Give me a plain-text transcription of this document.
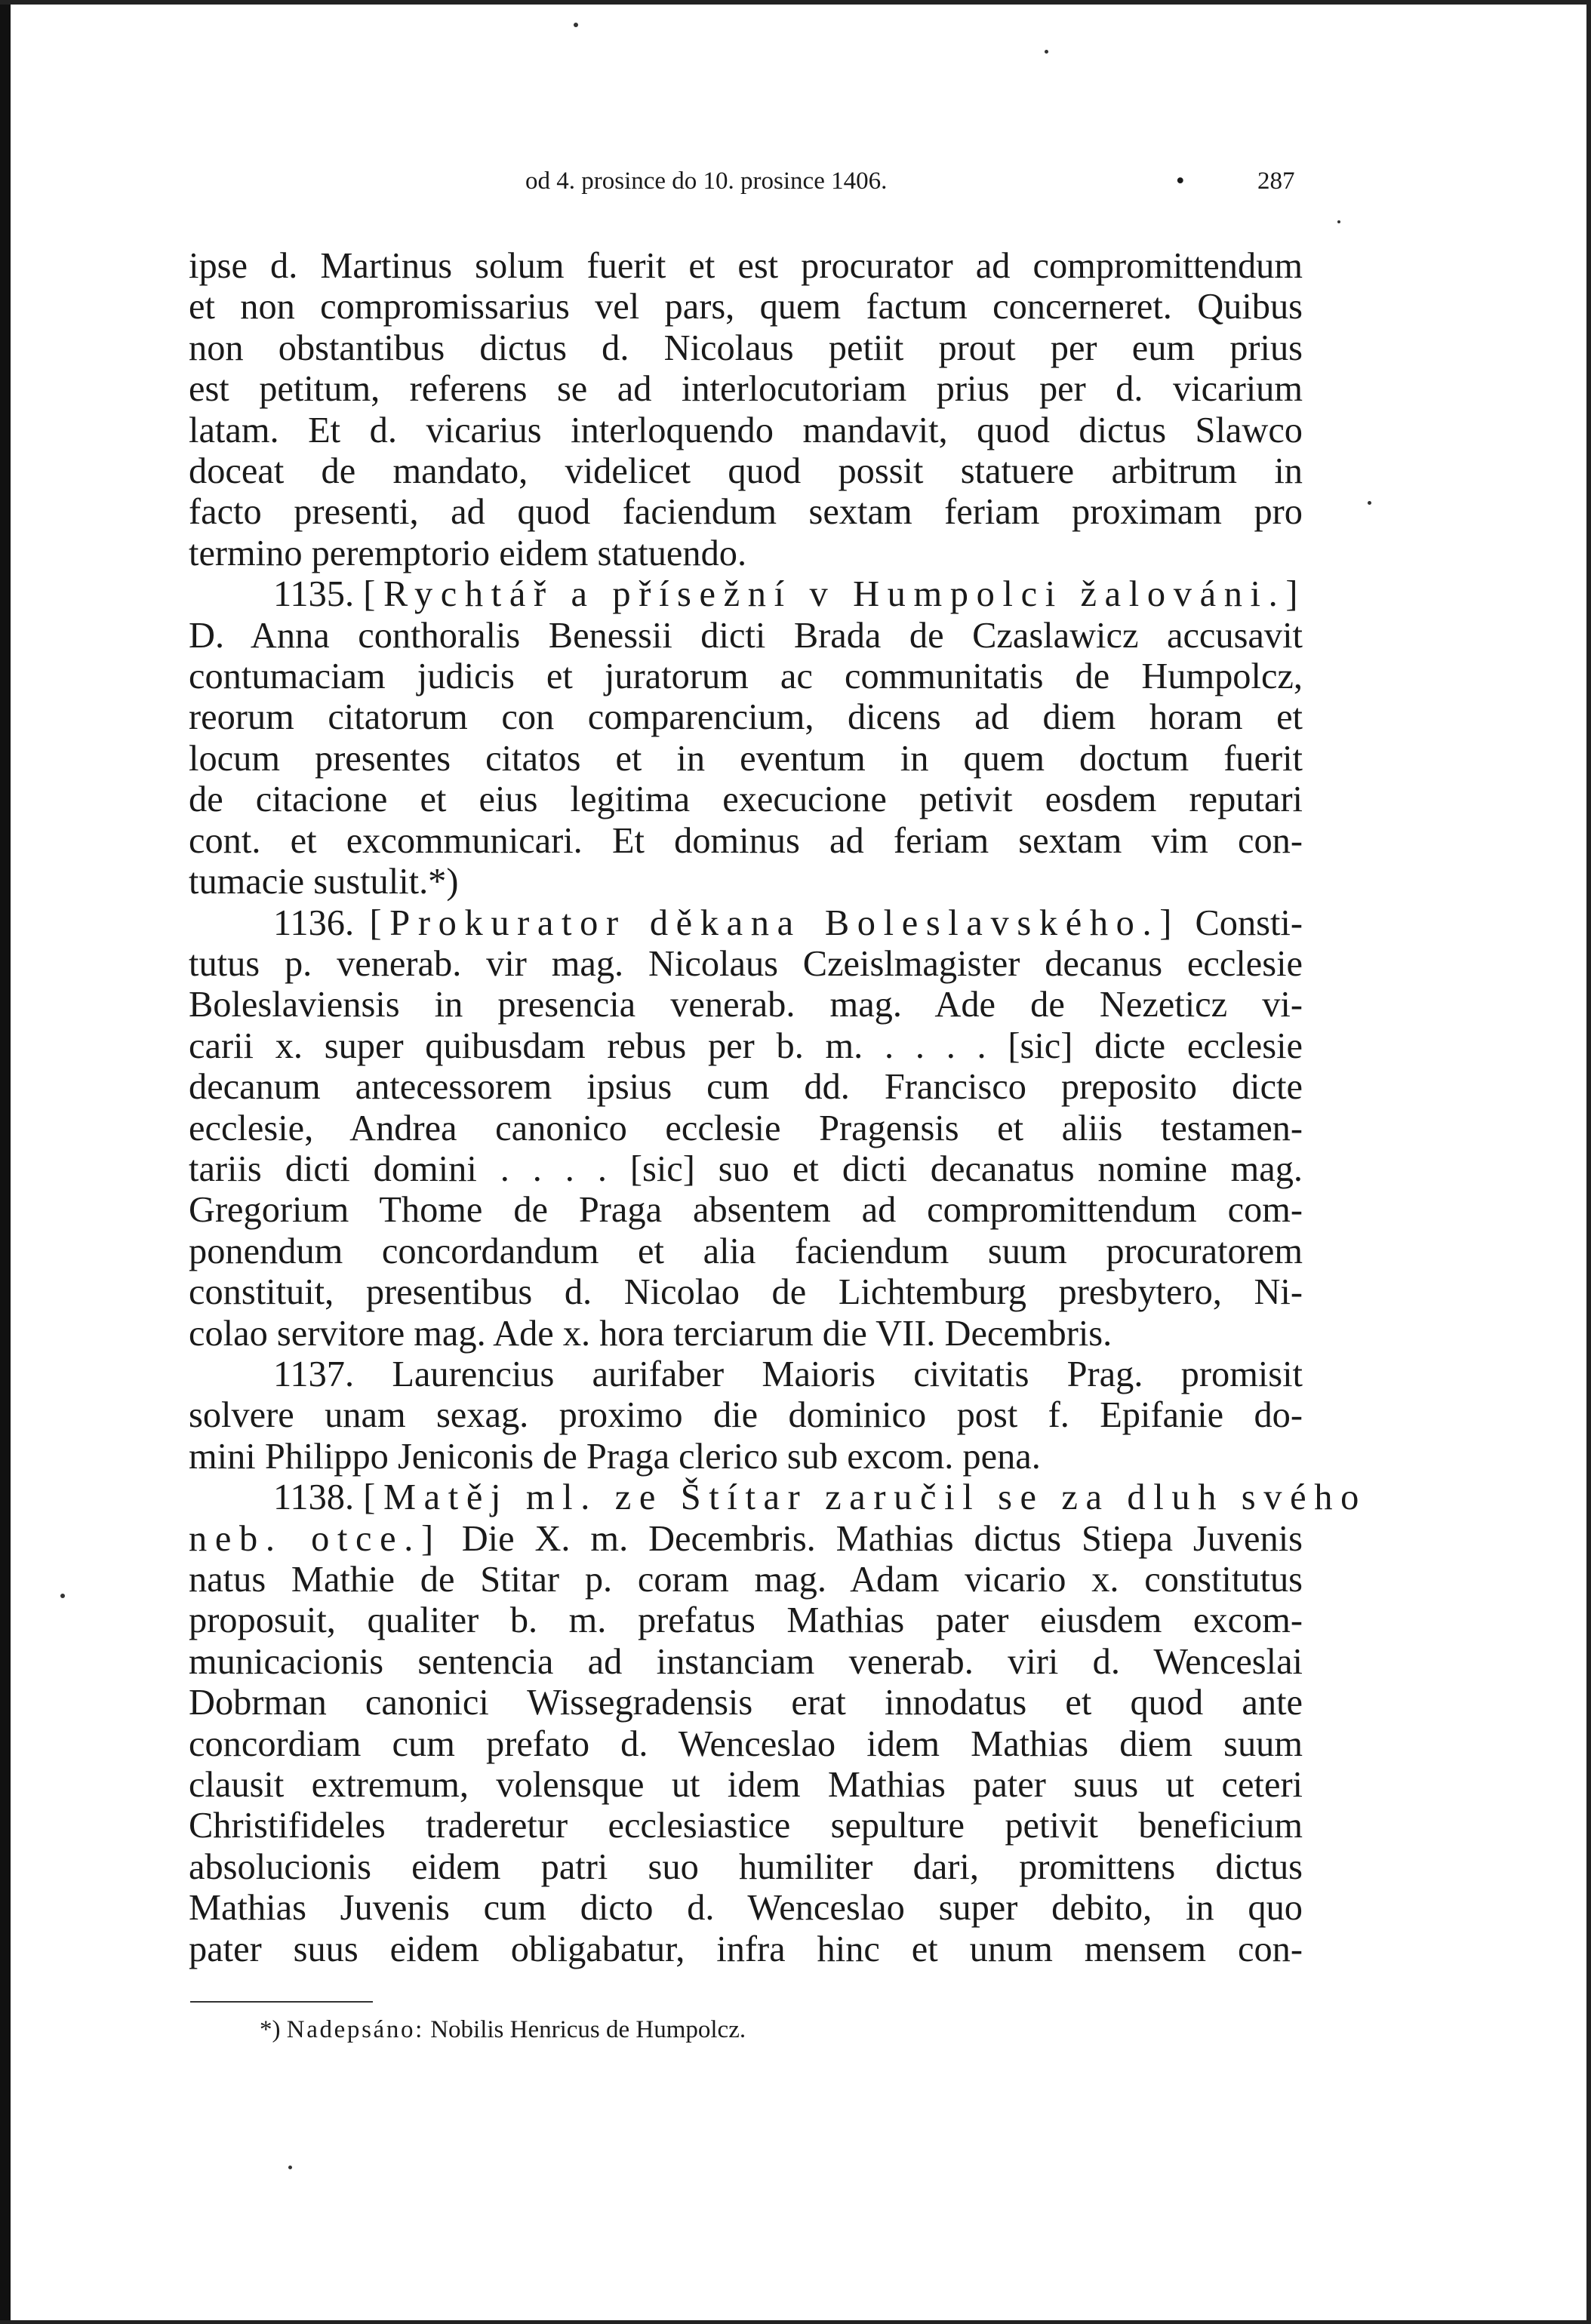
od 4. prosince do 10. prosince 1406.	•	287

ipse d. Martinus solum fuerit et est procurator ad compromittendum
et non compromissarius vel pars, quem factum concerneret. Quibus
non obstantibus dictus d. Nicolaus petiit prout per eum prius
est petitum, referens se ad interlocutoriam prius per d. vicarium
latam. Et d. vicarius interloquendo mandavit, quod dictus Slawco
doceat de mandato, videlicet quod possit statuere arbitrum in
facto presenti, ad quod faciendum sextam feriam proximam pro
termino peremptorio eidem statuendo.

1135. [Rychtář a přísežní v Humpolci žalováni.]
D. Anna conthoralis Benessii dicti Brada de Czaslawicz accusavit
contumaciam judicis et juratorum ac communitatis de Humpolcz,
reorum citatorum con comparencium, dicens ad diem horam et
locum presentes citatos et in eventum in quem doctum fuerit
de citacione et eius legitima execucione petivit eosdem reputari
cont. et excommunicari. Et dominus ad feriam sextam vim con-
tumacie sustulit.*)

1136. [Prokurator děkana Boleslavského.] Consti-
tutus p. venerab. vir mag. Nicolaus Czeislmagister decanus ecclesie
Boleslaviensis in presencia venerab. mag. Ade de Nezeticz vi-
carii x. super quibusdam rebus per b. m. . . . . [sic] dicte ecclesie
decanum antecessorem ipsius cum dd. Francisco preposito dicte
ecclesie, Andrea canonico ecclesie Pragensis et aliis testamen-
tariis dicti domini . . . . [sic] suo et dicti decanatus nomine mag.
Gregorium Thome de Praga absentem ad compromittendum com-
ponendum concordandum et alia faciendum suum procuratorem
constituit, presentibus d. Nicolao de Lichtemburg presbytero, Ni-
colao servitore mag. Ade x. hora terciarum die VII. Decembris.

1137. Laurencius aurifaber Maioris civitatis Prag. promisit
solvere unam sexag. proximo die dominico post f. Epifanie do-
mini Philippo Jeniconis de Praga clerico sub excom. pena.

1138. [Matěj ml. ze Štítar zaručil se za dluh svého
neb. otce.] Die X. m. Decembris. Mathias dictus Stiepa Juvenis
natus Mathie de Stitar p. coram mag. Adam vicario x. constitutus
proposuit, qualiter b. m. prefatus Mathias pater eiusdem excom-
municacionis sentencia ad instanciam venerab. viri d. Wenceslai
Dobrman canonici Wissegradensis erat innodatus et quod ante
concordiam cum prefato d. Wenceslao idem Mathias diem suum
clausit extremum, volensque ut idem Mathias pater suus ut ceteri
Christifideles traderetur ecclesiastice sepulture petivit beneficium
absolucionis eidem patri suo humiliter dari, promittens dictus
Mathias Juvenis cum dicto d. Wenceslao super debito, in quo
pater suus eidem obligabatur, infra hinc et unum mensem con-

*) Nadepsáno: Nobilis Henricus de Humpolcz.
